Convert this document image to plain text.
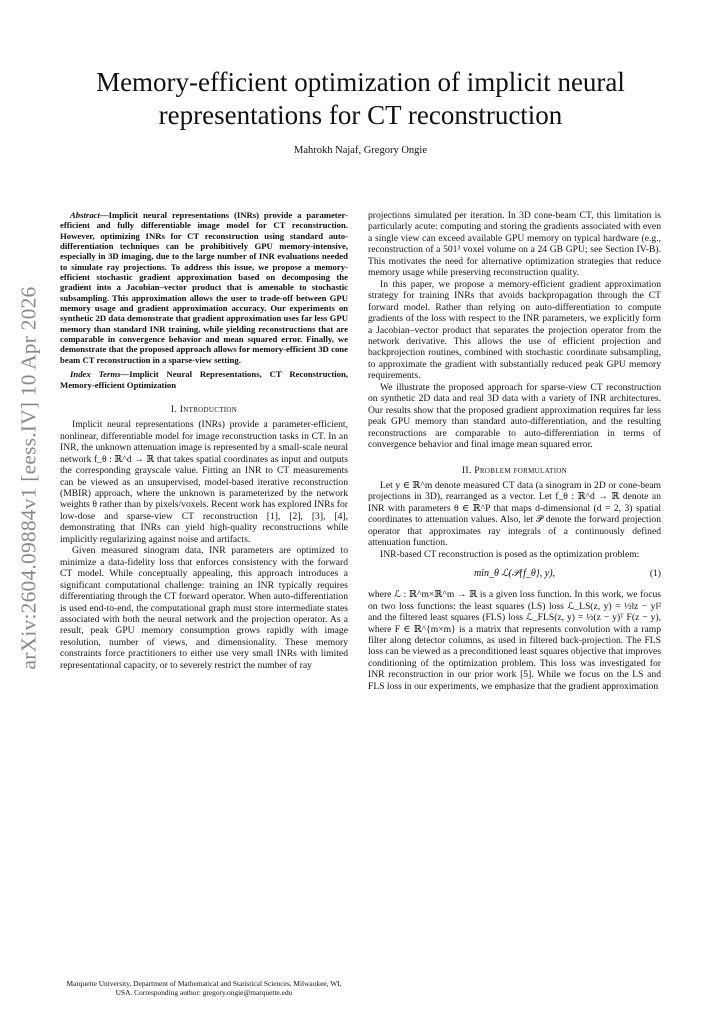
arXiv:2604.09884v1 [eess.IV] 10 Apr 2026
Memory-efficient optimization of implicit neural representations for CT reconstruction
Mahrokh Najaf, Gregory Ongie

Abstract—Implicit neural representations (INRs) provide a parameter-efficient and fully differentiable image model for CT reconstruction. However, optimizing INRs for CT reconstruction using standard auto-differentiation techniques can be prohibitively GPU memory-intensive, especially in 3D imaging, due to the large number of INR evaluations needed to simulate ray projections. To address this issue, we propose a memory-efficient stochastic gradient approximation based on decomposing the gradient into a Jacobian–vector product that is amenable to stochastic subsampling. This approximation allows the user to trade-off between GPU memory usage and gradient approximation accuracy. Our experiments on synthetic 2D data demonstrate that gradient approximation uses far less GPU memory than standard INR training, while yielding reconstructions that are comparable in convergence behavior and mean squared error. Finally, we demonstrate that the proposed approach allows for memory-efficient 3D cone beam CT reconstruction in a sparse-view setting.

Index Terms—Implicit Neural Representations, CT Reconstruction, Memory-efficient Optimization

I. Introduction

Implicit neural representations (INRs) provide a parameter-efficient, nonlinear, differentiable model for image reconstruction tasks in CT. In an INR, the unknown attenuation image is represented by a small-scale neural network f_θ : ℝ^d → ℝ that takes spatial coordinates as input and outputs the corresponding grayscale value. Fitting an INR to CT measurements can be viewed as an unsupervised, model-based iterative reconstruction (MBIR) approach, where the unknown is parameterized by the network weights θ rather than by pixels/voxels. Recent work has explored INRs for low-dose and sparse-view CT reconstruction [1], [2], [3], [4], demonstrating that INRs can yield high-quality reconstructions while implicitly regularizing against noise and artifacts.

Given measured sinogram data, INR parameters are optimized to minimize a data-fidelity loss that enforces consistency with the forward CT model. While conceptually appealing, this approach introduces a significant computational challenge: training an INR typically requires differentiating through the CT forward operator. When auto-differentiation is used end-to-end, the computational graph must store intermediate states associated with both the neural network and the projection operator. As a result, peak GPU memory consumption grows rapidly with image resolution, number of views, and dimensionality. These memory constraints force practitioners to either use very small INRs with limited representational capacity, or to severely restrict the number of ray

projections simulated per iteration. In 3D cone-beam CT, this limitation is particularly acute: computing and storing the gradients associated with even a single view can exceed available GPU memory on typical hardware (e.g., reconstruction of a 501³ voxel volume on a 24 GB GPU; see Section IV-B). This motivates the need for alternative optimization strategies that reduce memory usage while preserving reconstruction quality.

In this paper, we propose a memory-efficient gradient approximation strategy for training INRs that avoids backpropagation through the CT forward model. Rather than relying on auto-differentiation to compute gradients of the loss with respect to the INR parameters, we explicitly form a Jacobian–vector product that separates the projection operator from the network derivative. This allows the use of efficient projection and backprojection routines, combined with stochastic coordinate subsampling, to approximate the gradient with substantially reduced peak GPU memory requirements.

We illustrate the proposed approach for sparse-view CT reconstruction on synthetic 2D data and real 3D data with a variety of INR architectures. Our results show that the proposed gradient approximation requires far less peak GPU memory than standard auto-differentiation, and the resulting reconstructions are comparable to auto-differentiation in terms of convergence behavior and final image mean squared error.

II. Problem formulation

Let y ∈ ℝ^m denote measured CT data (a sinogram in 2D or cone-beam projections in 3D), rearranged as a vector. Let f_θ : ℝ^d → ℝ denote an INR with parameters θ ∈ ℝ^P that maps d-dimensional (d = 2, 3) spatial coordinates to attenuation values. Also, let 𝒫 denote the forward projection operator that approximates ray integrals of a continuously defined attenuation function.

INR-based CT reconstruction is posed as the optimization problem:

min_θ ℒ(𝒫{f_θ}, y),	(1)

where ℒ : ℝ^m×ℝ^m → ℝ is a given loss function. In this work, we focus on two loss functions: the least squares (LS) loss ℒ_LS(z, y) = ½‖z − y‖² and the filtered least squares (FLS) loss ℒ_FLS(z, y) = ½(z − y)ᵀ F(z − y), where F ∈ ℝ^{m×m} is a matrix that represents convolution with a ramp filter along detector columns, as used in filtered back-projection. The FLS loss can be viewed as a preconditioned least squares objective that improves conditioning of the optimization problem. This loss was investigated for INR reconstruction in our prior work [5]. While we focus on the LS and FLS loss in our experiments, we emphasize that the gradient approximation

Marquette University, Department of Mathematical and Statistical Sciences, Milwaukee, WI, USA. Corresponding author: gregory.ongie@marquette.edu
